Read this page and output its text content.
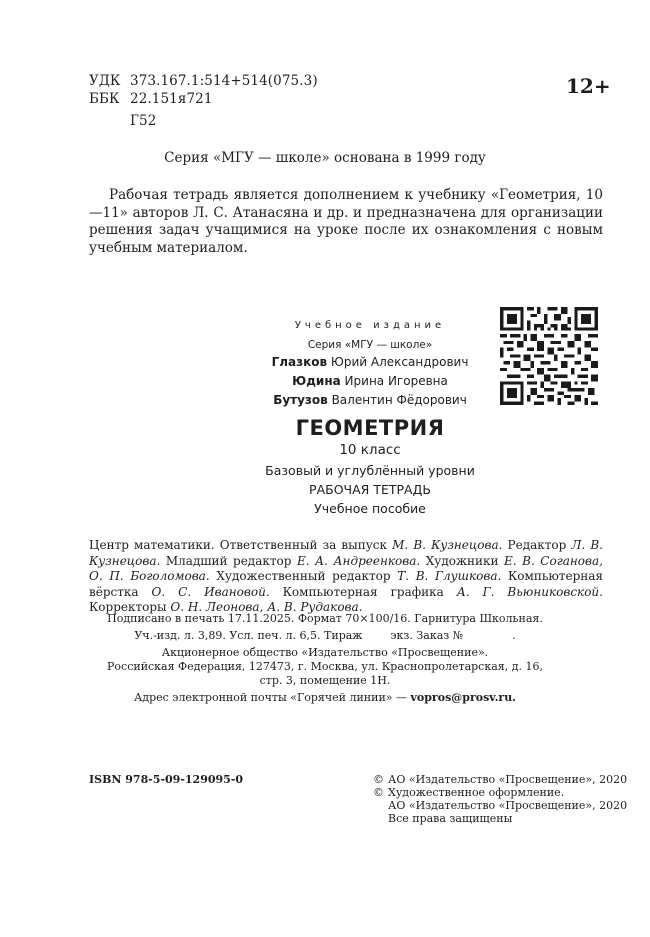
УДК 373.167.1:514+514(075.3)
ББК 22.151я721
Г52
12+
Серия «МГУ — школе» основана в 1999 году

Рабочая тетрадь является дополнением к учебнику «Геометрия, 10—11» авторов Л. С. Атанасяна и др. и предназначена для организации решения задач учащимися на уроке после их ознакомления с новым учебным материалом.

Учебное издание
Серия «МГУ — школе»
Глазков Юрий Александрович
Юдина Ирина Игоревна
Бутузов Валентин Фёдорович
ГЕОМЕТРИЯ
10 класс
Базовый и углублённый уровни
РАБОЧАЯ ТЕТРАДЬ
Учебное пособие
Центр математики. Ответственный за выпуск М. В. Кузнецова. Редактор Л. В. Кузнецова. Младший редактор Е. А. Андреенкова. Художники Е. В. Соганова, О. П. Боголомова. Художественный редактор Т. В. Глушкова. Компьютерная вёрстка О. С. Ивановой. Компьютерная графика А. Г. Вьюниковской. Корректоры О. Н. Леонова, А. В. Рудакова.
Подписано в печать 17.11.2025. Формат 70×100/16. Гарнитура Школьная.
Уч.-изд. л. 3,89. Усл. печ. л. 6,5. Тираж        экз. Заказ №              .
Акционерное общество «Издательство «Просвещение».
Российская Федерация, 127473, г. Москва, ул. Краснопролетарская, д. 16,
стр. 3, помещение 1Н.
Адрес электронной почты «Горячей линии» — vopros@prosv.ru.
ISBN 978-5-09-129095-0	© АО «Издательство «Просвещение», 2020
© Художественное оформление.
АО «Издательство «Просвещение», 2020
Все права защищены
